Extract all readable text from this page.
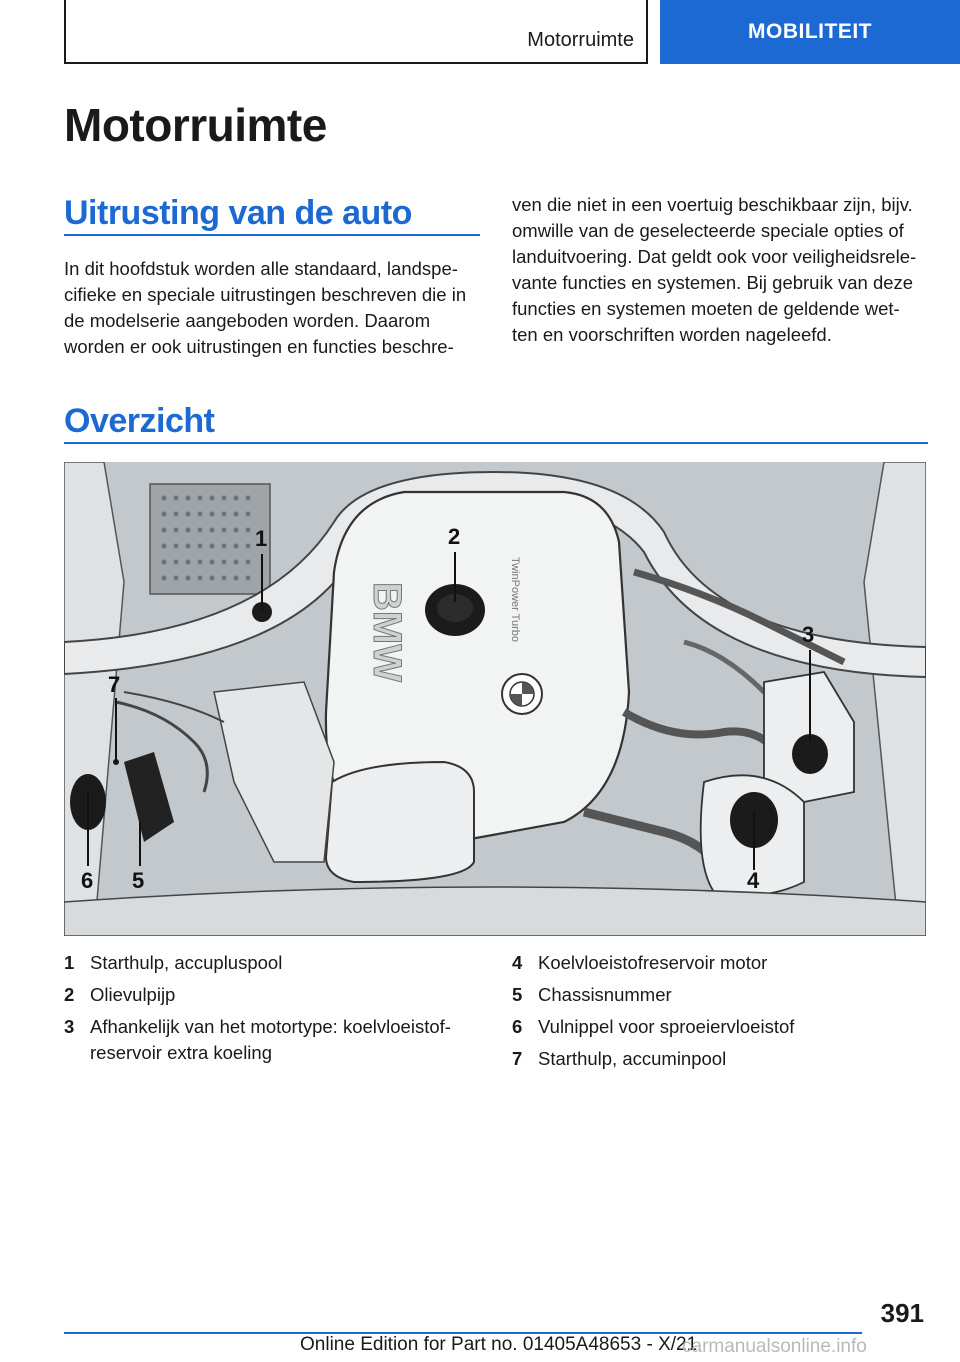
Motorruimte	MOBILITEIT
Motorruimte
Uitrusting van de auto

In dit hoofdstuk worden alle standaard, landspe-
cifieke en speciale uitrustingen beschreven die in
de modelserie aangeboden worden. Daarom
worden er ook uitrustingen en functies beschre-

ven die niet in een voertuig beschikbaar zijn, bijv.
omwille van de geselecteerde speciale opties of
landuitvoering. Dat geldt ook voor veiligheidsrele-
vante functies en systemen. Bij gebruik van deze
functies en systemen moeten de geldende wet-
ten en voorschriften worden nageleefd.

Overzicht
BMW	TwinPower Turbo
1	2
3
4
5
6
7
1 Starthulp, accupluspool
2 Olievulpijp
3 Afhankelijk van het motortype: koelvloeistof-
reservoir extra koeling
4 Koelvloeistofreservoir motor
5 Chassisnummer
6 Vulnippel voor sproeiervloeistof
7 Starthulp, accuminpool
391
Online Edition for Part no. 01405A48653 - X/21
carmanualsonline.info
